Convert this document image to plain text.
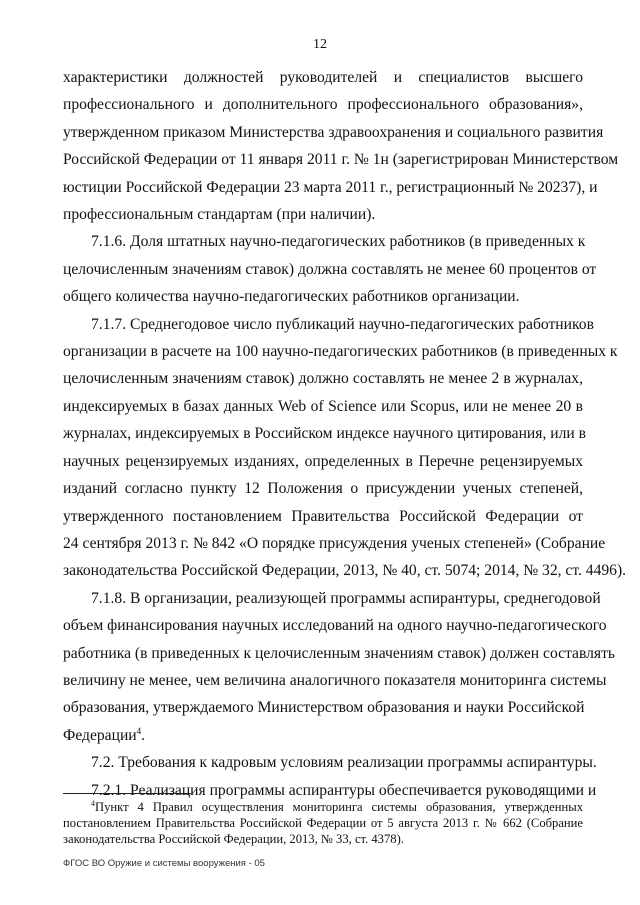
12

характеристики должностей руководителей и специалистов высшего
профессионального и дополнительного профессионального образования»,
утвержденном приказом Министерства здравоохранения и социального развития
Российской Федерации от 11 января 2011 г. № 1н (зарегистрирован Министерством
юстиции Российской Федерации 23 марта 2011 г., регистрационный № 20237), и
профессиональным стандартам (при наличии).

7.1.6. Доля штатных научно-педагогических работников (в приведенных к
целочисленным значениям ставок) должна составлять не менее 60 процентов от
общего количества научно-педагогических работников организации.

7.1.7. Среднегодовое число публикаций научно-педагогических работников
организации в расчете на 100 научно-педагогических работников (в приведенных к
целочисленным значениям ставок) должно составлять не менее 2 в журналах,
индексируемых в базах данных Web of Science или Scopus, или не менее 20 в
журналах, индексируемых в Российском индексе научного цитирования, или в
научных рецензируемых изданиях, определенных в Перечне рецензируемых
изданий согласно пункту 12 Положения о присуждении ученых степеней,
утвержденного постановлением Правительства Российской Федерации от
24 сентября 2013 г. № 842 «О порядке присуждения ученых степеней» (Собрание
законодательства Российской Федерации, 2013, № 40, ст. 5074; 2014, № 32, ст. 4496).

7.1.8. В организации, реализующей программы аспирантуры, среднегодовой
объем финансирования научных исследований на одного научно-педагогического
работника (в приведенных к целочисленным значениям ставок) должен составлять
величину не менее, чем величина аналогичного показателя мониторинга системы
образования, утверждаемого Министерством образования и науки Российской
Федерации$^4$.

7.2. Требования к кадровым условиям реализации программы аспирантуры.

7.2.1. Реализация программы аспирантуры обеспечивается руководящими и

$^4$Пункт 4 Правил осуществления мониторинга системы образования, утвержденных
постановлением Правительства Российской Федерации от 5 августа 2013 г. № 662 (Собрание
законодательства Российской Федерации, 2013, № 33, ст. 4378).
ФГОС ВО Оружие и системы вооружения - 05
